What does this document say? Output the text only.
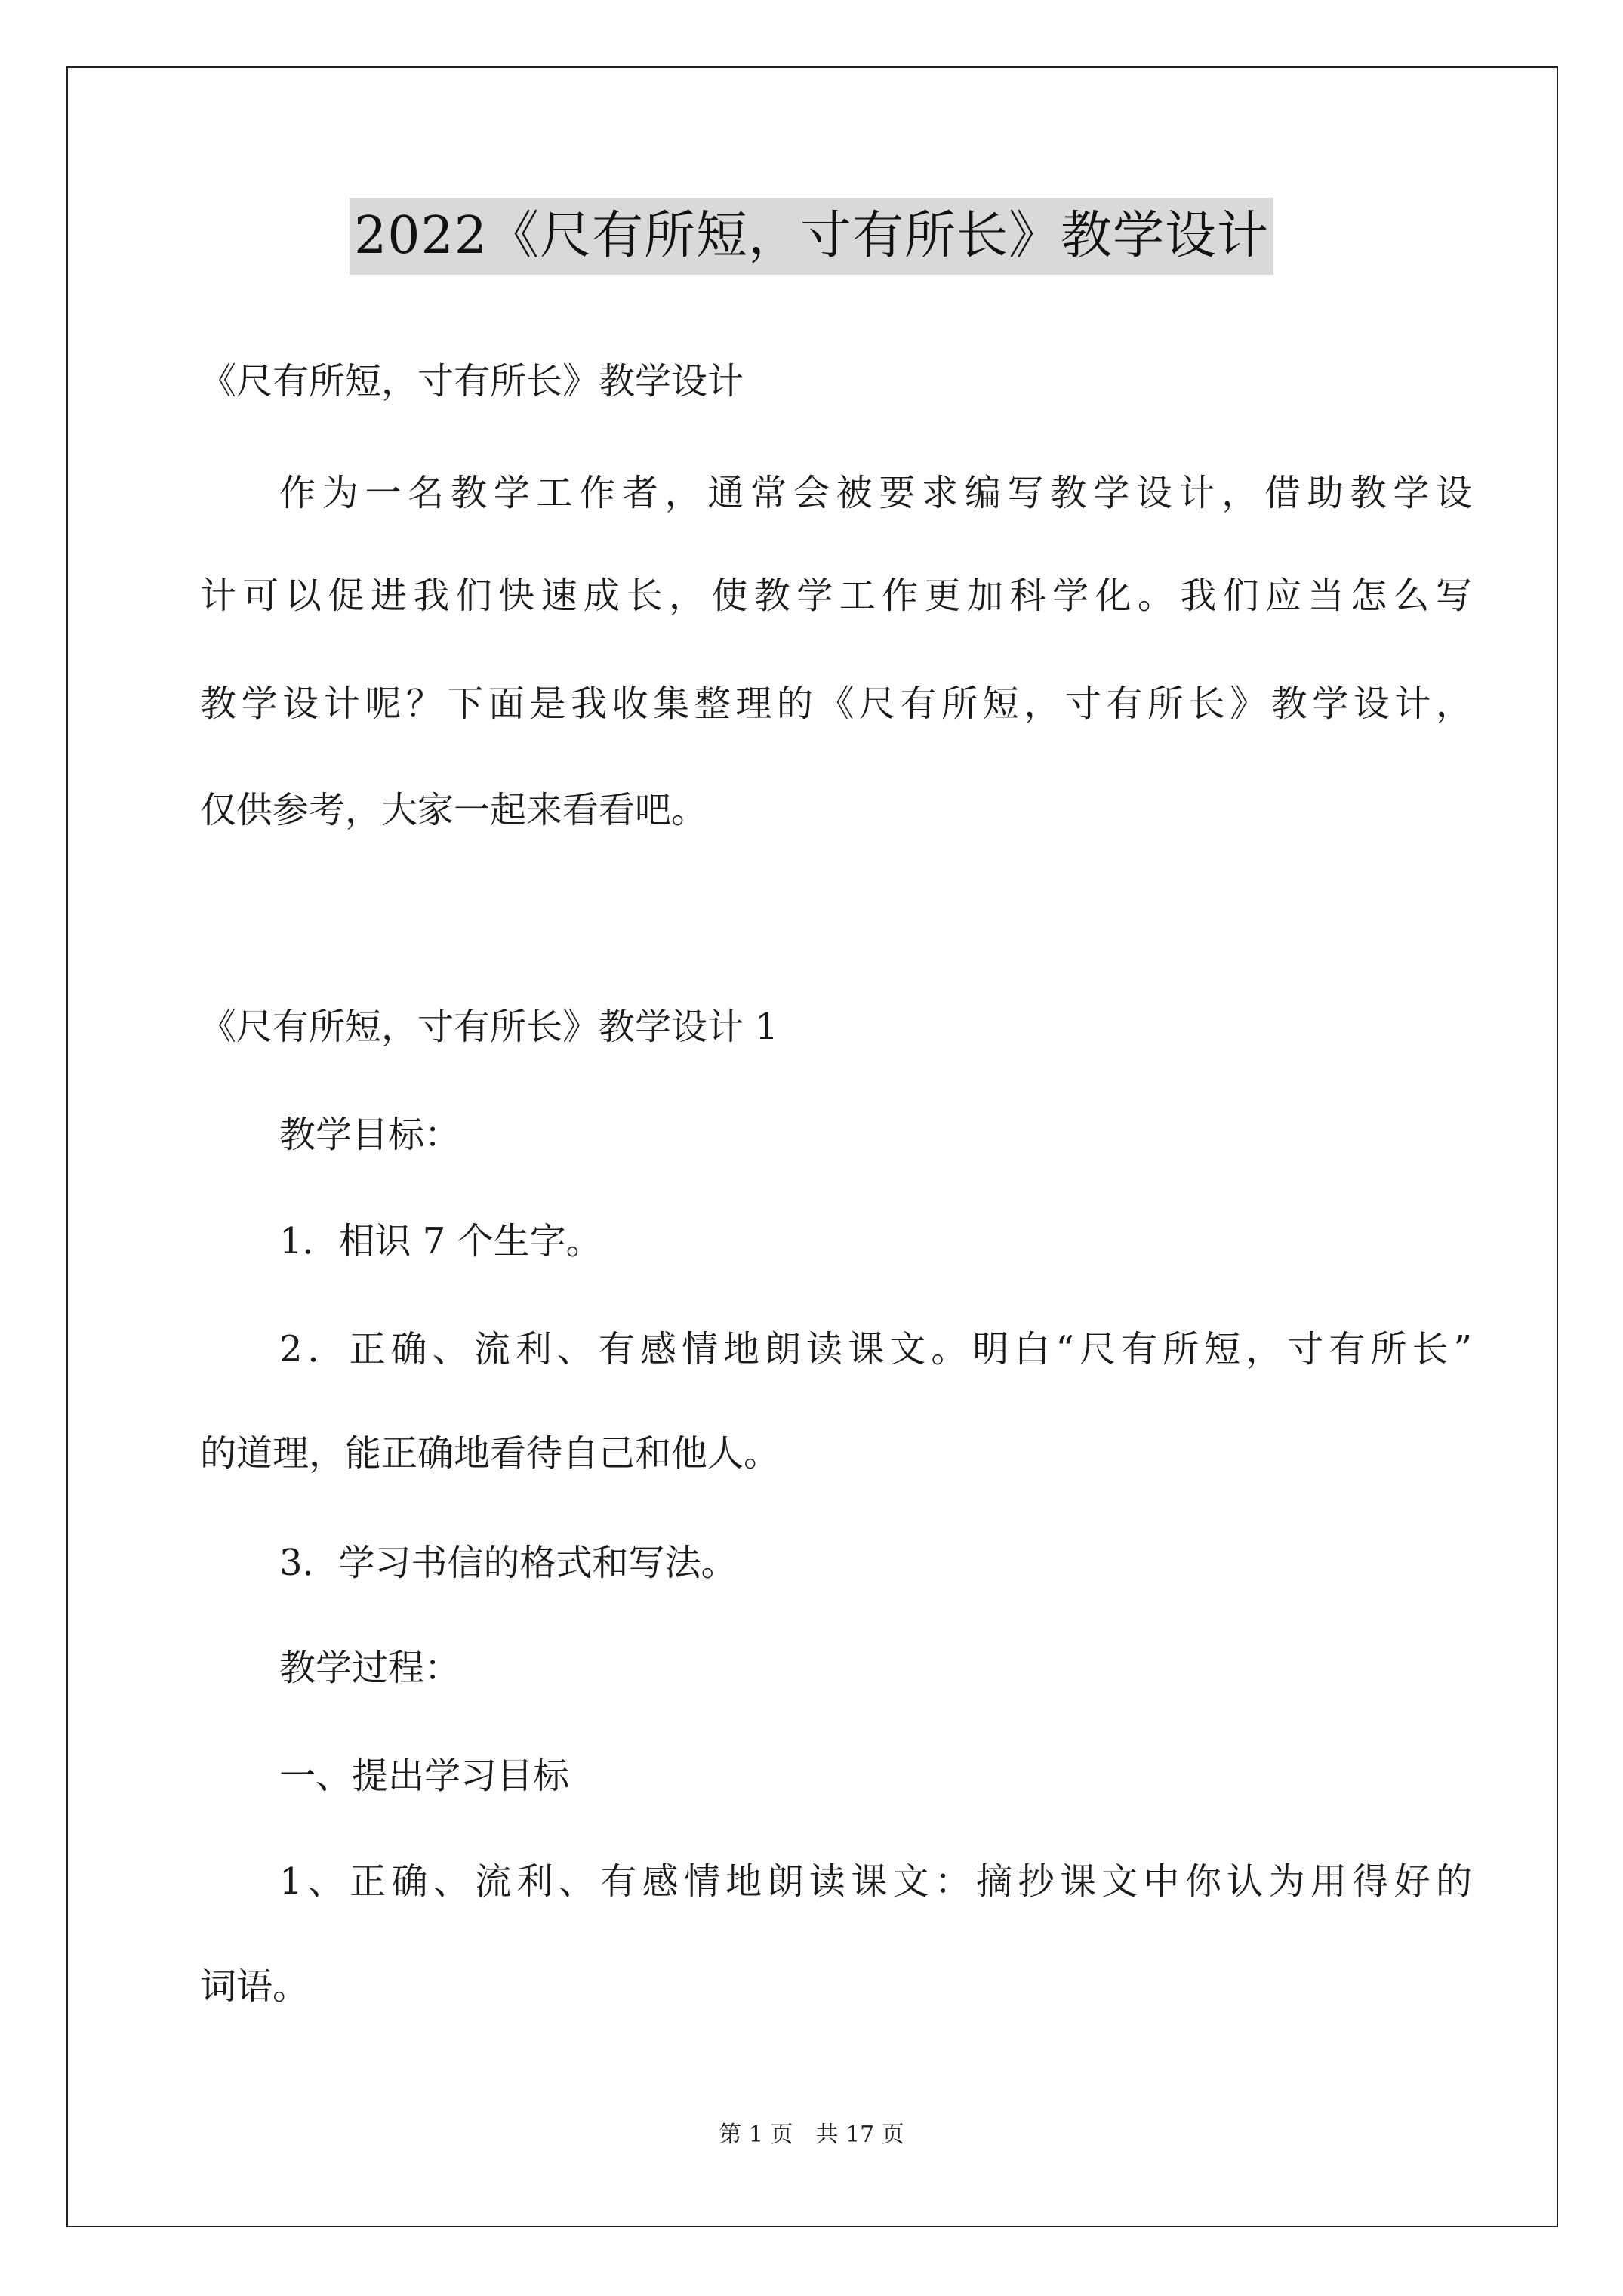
2022《尺有所短，寸有所长》教学设计
《尺有所短，寸有所长》教学设计
作为一名教学工作者，通常会被要求编写教学设计，借助教学设
计可以促进我们快速成长，使教学工作更加科学化。我们应当怎么写
教学设计呢？下面是我收集整理的《尺有所短，寸有所长》教学设计，
仅供参考，大家一起来看看吧。
《尺有所短，寸有所长》教学设计 1
教学目标：
1．相识 7 个生字。
2．正确、流利、有感情地朗读课文。明白“尺有所短，寸有所长”
的道理，能正确地看待自己和他人。
3．学习书信的格式和写法。
教学过程：
一、提出学习目标
1、正确、流利、有感情地朗读课文：摘抄课文中你认为用得好的
词语。
第 1 页　共 17 页
